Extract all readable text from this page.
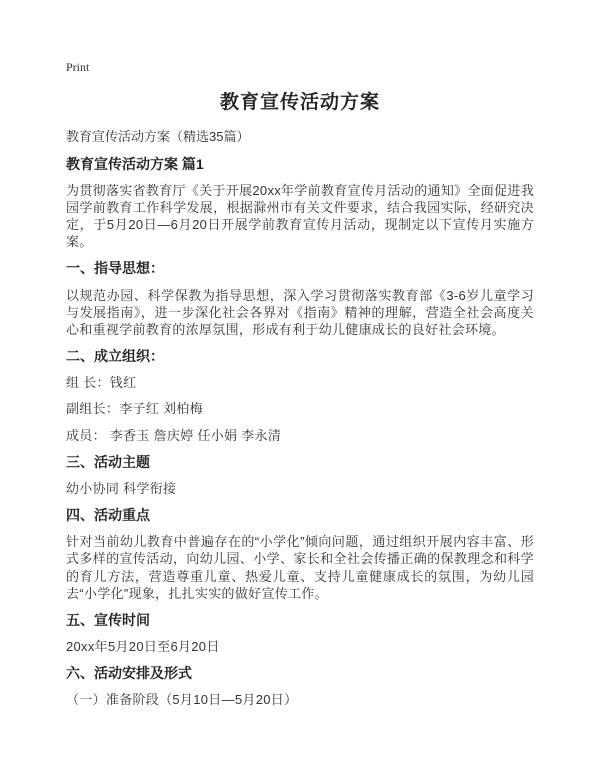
Print
教育宣传活动方案
教育宣传活动方案（精选35篇）
教育宣传活动方案 篇1
为贯彻落实省教育厅《关于开展20xx年学前教育宣传月活动的通知》全面促进我园学前教育工作科学发展，根据滁州市有关文件要求，结合我园实际，经研究决定，于5月20日—6月20日开展学前教育宣传月活动，现制定以下宣传月实施方案。
一、指导思想：
以规范办园、科学保教为指导思想，深入学习贯彻落实教育部《3-6岁儿童学习与发展指南》，进一步深化社会各界对《指南》精神的理解，营造全社会高度关心和重视学前教育的浓厚氛围，形成有利于幼儿健康成长的良好社会环境。
二、成立组织：
组 长：钱红
副组长：李子红 刘柏梅
成员： 李香玉 詹庆婷 任小娟 李永清
三、活动主题
幼小协同 科学衔接
四、活动重点
针对当前幼儿教育中普遍存在的“小学化”倾向问题，通过组织开展内容丰富、形式多样的宣传活动，向幼儿园、小学、家长和全社会传播正确的保教理念和科学的育儿方法，营造尊重儿童、热爱儿童、支持儿童健康成长的氛围，为幼儿园去“小学化”现象，扎扎实实的做好宣传工作。
五、宣传时间
20xx年5月20日至6月20日
六、活动安排及形式
（一）准备阶段（5月10日—5月20日）
